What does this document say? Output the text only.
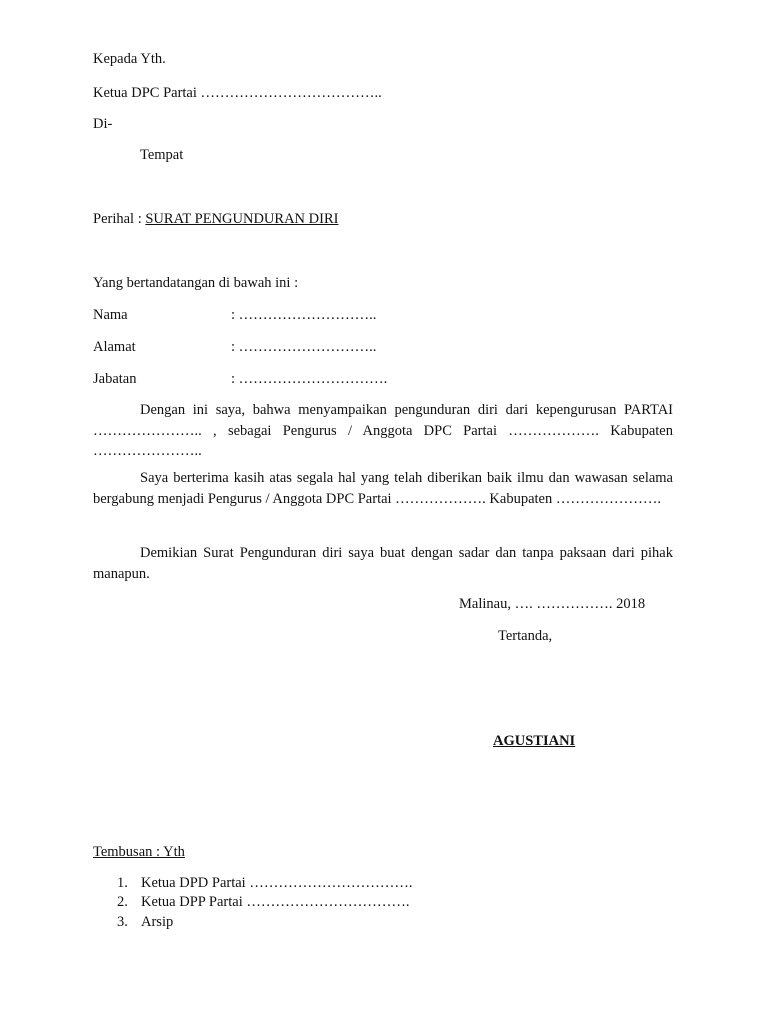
Kepada Yth.
Ketua DPC Partai ………………………………..
Di-
Tempat
Perihal : SURAT PENGUNDURAN DIRI
Yang bertandatangan di bawah ini :
Nama	: ………………………..
Alamat	: ………………………..
Jabatan	: ………………………….
Dengan ini saya, bahwa menyampaikan pengunduran diri dari kepengurusan PARTAI ………………….. , sebagai Pengurus / Anggota DPC Partai ………………. Kabupaten …………………..
Saya berterima kasih atas segala hal yang telah diberikan baik ilmu dan wawasan selama bergabung menjadi Pengurus / Anggota DPC Partai ………………. Kabupaten ………………….
Demikian Surat Pengunduran diri saya buat dengan sadar dan tanpa paksaan dari pihak manapun.
Malinau, …. ……………. 2018
Tertanda,
AGUSTIANI
Tembusan : Yth
1. Ketua DPD Partai …………………………….
2. Ketua DPP Partai …………………………….
3. Arsip
